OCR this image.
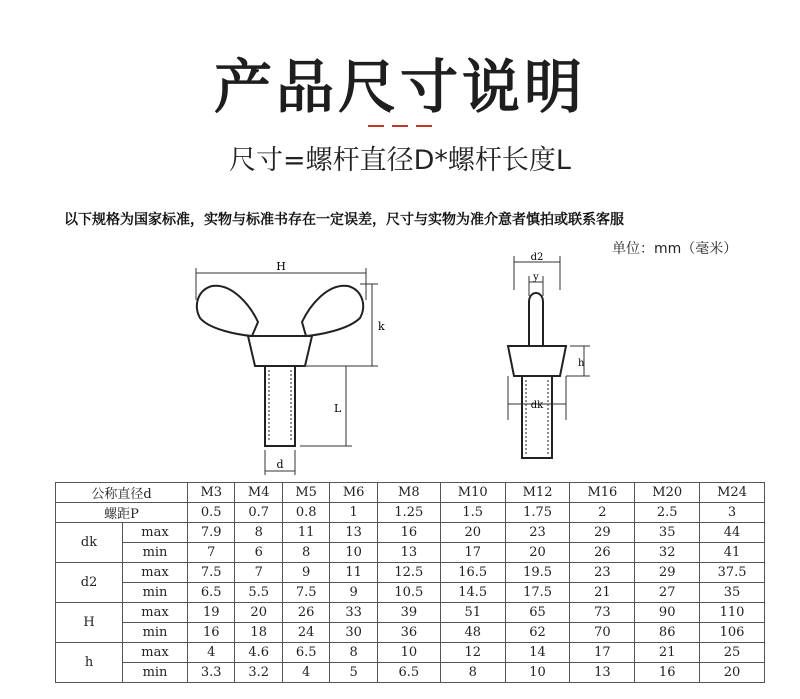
产品尺寸说明
尺寸=螺杆直径D*螺杆长度L
以下规格为国家标准，实物与标准书存在一定误差，尺寸与实物为准介意者慎拍或联系客服
单位：mm（毫米）
H
k
L
d
d2
y
h
dk
公称直径d		M3	M4	M5	M6	M8	M10	M12	M16	M20	M24
螺距P		0.5	0.7	0.8	1	1.25	1.5	1.75	2	2.5	3
dk	max	7.9	8	11	13	16	20	23	29	35	44
	min	7	6	8	10	13	17	20	26	32	41
d2	max	7.5	7	9	11	12.5	16.5	19.5	23	29	37.5
	min	6.5	5.5	7.5	9	10.5	14.5	17.5	21	27	35
H	max	19	20	26	33	39	51	65	73	90	110
	min	16	18	24	30	36	48	62	70	86	106
h	max	4	4.6	6.5	8	10	12	14	17	21	25
	min	3.3	3.2	4	5	6.5	8	10	13	16	20
